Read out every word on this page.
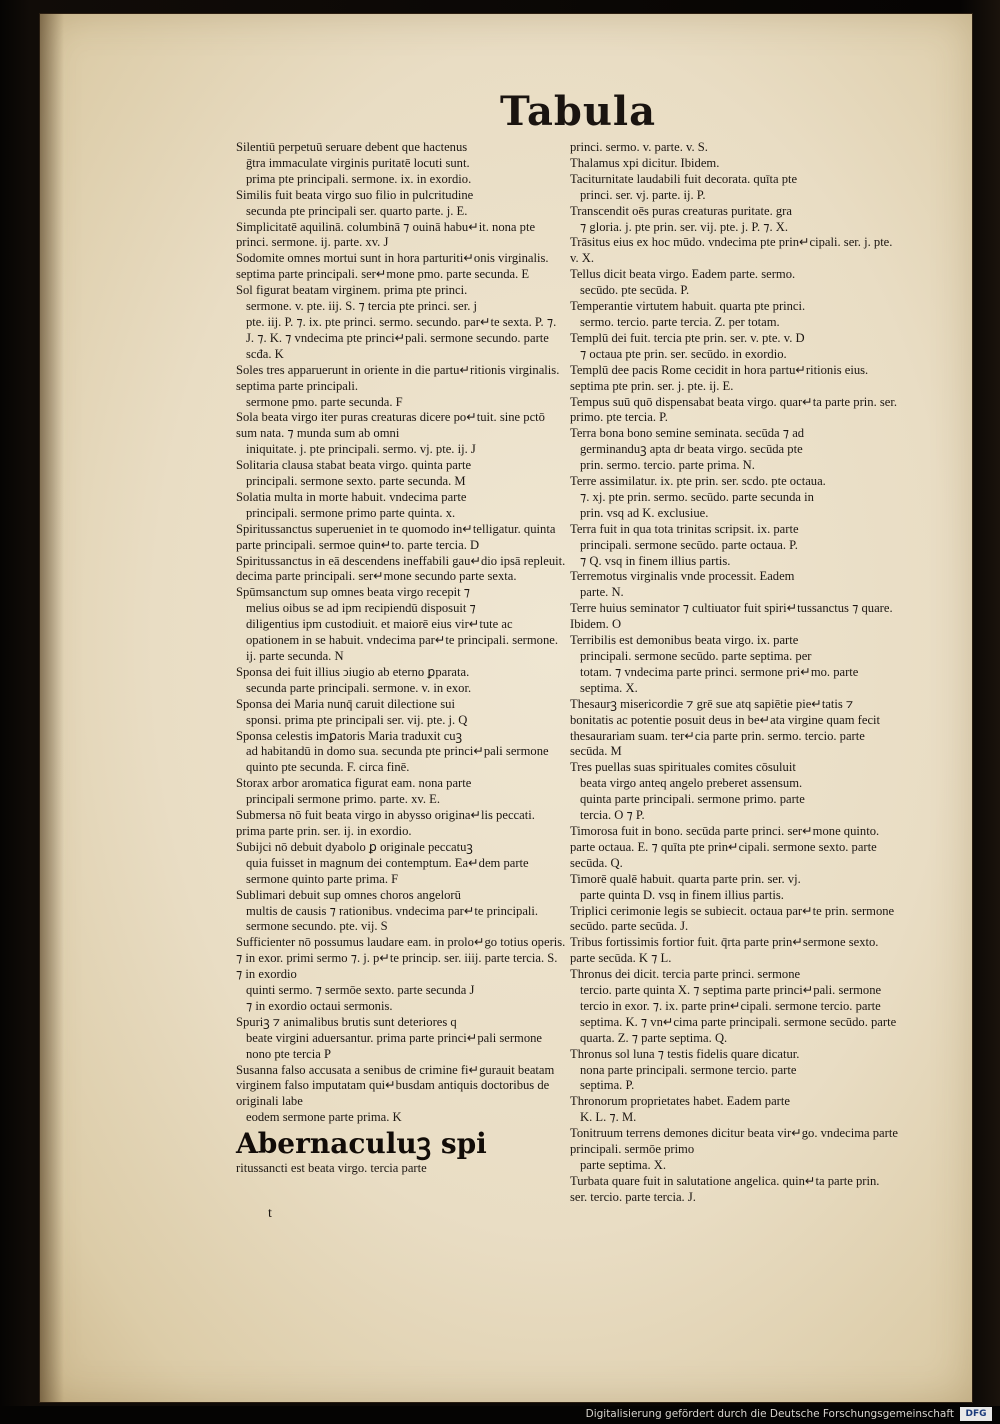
Tabula
Silentiū perpetuū seruare debent que hactenus
ḡtra immaculate virginis puritatē locuti sunt.
prima pte principali. sermone. ix. in exordio.
Similis fuit beata virgo suo filio in pulcritudine
secunda pte principali ser. quarto parte. j. E.
Simplicitatē aquilinā. columbinā ⁊ ouinā habu↵it. nona pte princi. sermone. ij. parte. xv. J
Sodomite omnes mortui sunt in hora parturiti↵onis virginalis. septima parte principali. ser↵mone pmo. parte secunda. E
Sol figurat beatam virginem. prima pte princi.
sermone. v. pte. iij. S. ⁊ tercia pte princi. ser. j
pte. iij. P. ⁊. ix. pte princi. sermo. secundo. par↵te sexta. P. ⁊. J. ⁊. K. ⁊ vndecima pte princi↵pali. sermone secundo. parte scđa. K
Soles tres apparuerunt in oriente in die partu↵ritionis virginalis. septima parte principali.
sermone pmo. parte secunda. F
Sola beata virgo iter puras creaturas dicere po↵tuit. sine pctō sum nata. ⁊ munda sum ab omni
iniquitate. j. pte principali. sermo. vj. pte. ij. J
Solitaria clausa stabat beata virgo. quinta parte
principali. sermone sexto. parte secunda. M
Solatia multa in morte habuit. vndecima parte
principali. sermone primo parte quinta. x.
Spiritussanctus superueniet in te quomodo in↵telligatur. quinta parte principali. sermoe quin↵to. parte tercia. D
Spiritussanctus in eā descendens ineffabili gau↵dio ipsā repleuit. decima parte principali. ser↵mone secundo parte sexta.
Spūmsanctum sup omnes beata virgo recepit ⁊
melius oibus se ad ipm recipiendū disposuit ⁊
diligentius ipm custodiuit. et maiorē eius vir↵tute ac opationem in se habuit. vndecima par↵te principali. sermone. ij. parte secunda. N
Sponsa dei fuit illius ↄiugio ab eterno ꝑparata.
secunda parte principali. sermone. v. in exor.
Sponsa dei Maria nunq̄ caruit dilectione sui
sponsi. prima pte principali ser. vij. pte. j. Q
Sponsa celestis imꝑatoris Maria traduxit cuꝫ
ad habitandū in domo sua. secunda pte princi↵pali sermone quinto pte secunda. F. circa finē.
Storax arbor aromatica figurat eam. nona parte
principali sermone primo. parte. xv. E.
Submersa nō fuit beata virgo in abysso origina↵lis peccati. prima parte prin. ser. ij. in exordio.
Subijci nō debuit dyabolo ꝑ originale peccatuꝫ
quia fuisset in magnum dei contemptum. Ea↵dem parte sermone quinto parte prima. F
Sublimari debuit sup omnes choros angelorū
multis de causis ⁊ rationibus. vndecima par↵te principali. sermone secundo. pte. vij. S
Sufficienter nō possumus laudare eam. in prolo↵go totius operis. ⁊ in exor. primi sermo ⁊. j. p↵te princip. ser. iiij. parte tercia. S. ⁊ in exordio
quinti sermo. ⁊ sermōe sexto. parte secunda J
⁊ in exordio octaui sermonis.
Spuriꝫ ⁊ animalibus brutis sunt deteriores q
beate virgini aduersantur. prima parte princi↵pali sermone nono pte tercia P
Susanna falso accusata a senibus de crimine fi↵gurauit beatam virginem falso imputatam qui↵busdam antiquis doctoribus de originali labe
eodem sermone parte prima. K
Abernaculuꝫ spi
ritussancti est beata virgo. tercia parte
princi. sermo. v. parte. v. S.
Thalamus xpi dicitur. Ibidem.
Taciturnitate laudabili fuit decorata. quīta pte
princi. ser. vj. parte. ij. P.
Transcendit oēs puras creaturas puritate. gra
⁊ gloria. j. pte prin. ser. vij. pte. j. P. ⁊. X.
Trāsitus eius ex hoc mūdo. vndecima pte prin↵cipali. ser. j. pte. v. X.
Tellus dicit beata virgo. Eadem parte. sermo.
secūdo. pte secūda. P.
Temperantie virtutem habuit. quarta pte princi.
sermo. tercio. parte tercia. Z. per totam.
Templū dei fuit. tercia pte prin. ser. v. pte. v. D
⁊ octaua pte prin. ser. secūdo. in exordio.
Templū dee pacis Rome cecidit in hora partu↵ritionis eius. septima pte prin. ser. j. pte. ij. E.
Tempus suū quō dispensabat beata virgo. quar↵ta parte prin. ser. primo. pte tercia. P.
Terra bona bono semine seminata. secūda ⁊ ad
germinanduꝫ apta dr beata virgo. secūda pte
prin. sermo. tercio. parte prima. N.
Terre assimilatur. ix. pte prin. ser. scdo. pte octaua.
⁊. xj. pte prin. sermo. secūdo. parte secunda in
prin. vsq ad K. exclusiue.
Terra fuit in qua tota trinitas scripsit. ix. parte
principali. sermone secūdo. parte octaua. P.
⁊ Q. vsq in finem illius partis.
Terremotus virginalis vnde processit. Eadem
parte. N.
Terre huius seminator ⁊ cultiuator fuit spiri↵tussanctus ⁊ quare. Ibidem. O
Terribilis est demonibus beata virgo. ix. parte
principali. sermone secūdo. parte septima. per
totam. ⁊ vndecima parte princi. sermone pri↵mo. parte septima. X.
Thesaurꝫ misericordie ⁊ grē sue atq sapiētie pie↵tatis ⁊ bonitatis ac potentie posuit deus in be↵ata virgine quam fecit thesaurariam suam. ter↵cia parte prin. sermo. tercio. parte secūda. M
Tres puellas suas spirituales comites cōsuluit
beata virgo anteq angelo preberet assensum.
quinta parte principali. sermone primo. parte
tercia. O ⁊ P.
Timorosa fuit in bono. secūda parte princi. ser↵mone quinto. parte octaua. E. ⁊ quīta pte prin↵cipali. sermone sexto. parte secūda. Q.
Timorē qualē habuit. quarta parte prin. ser. vj.
parte quinta D. vsq in finem illius partis.
Triplici cerimonie legis se subiecit. octaua par↵te prin. sermone secūdo. parte secūda. J.
Tribus fortissimis fortior fuit. q̄rta parte prin↵sermone sexto. parte secūda. K ⁊ L.
Thronus dei dicit. tercia parte princi. sermone
tercio. parte quinta X. ⁊ septima parte princi↵pali. sermone tercio in exor. ⁊. ix. parte prin↵cipali. sermone tercio. parte septima. K. ⁊ vn↵cima parte principali. sermone secūdo. parte
quarta. Z. ⁊ parte septima. Q.
Thronus sol luna ⁊ testis fidelis quare dicatur.
nona parte principali. sermone tercio. parte
septima. P.
Thronorum proprietates habet. Eadem parte
K. L. ⁊. M.
Tonitruum terrens demones dicitur beata vir↵go. vndecima parte principali. sermōe primo
parte septima. X.
Turbata quare fuit in salutatione angelica. quin↵ta parte prin. ser. tercio. parte tercia. J.
t
Digitalisierung gefördert durch die Deutsche Forschungsgemeinschaft	DFG
